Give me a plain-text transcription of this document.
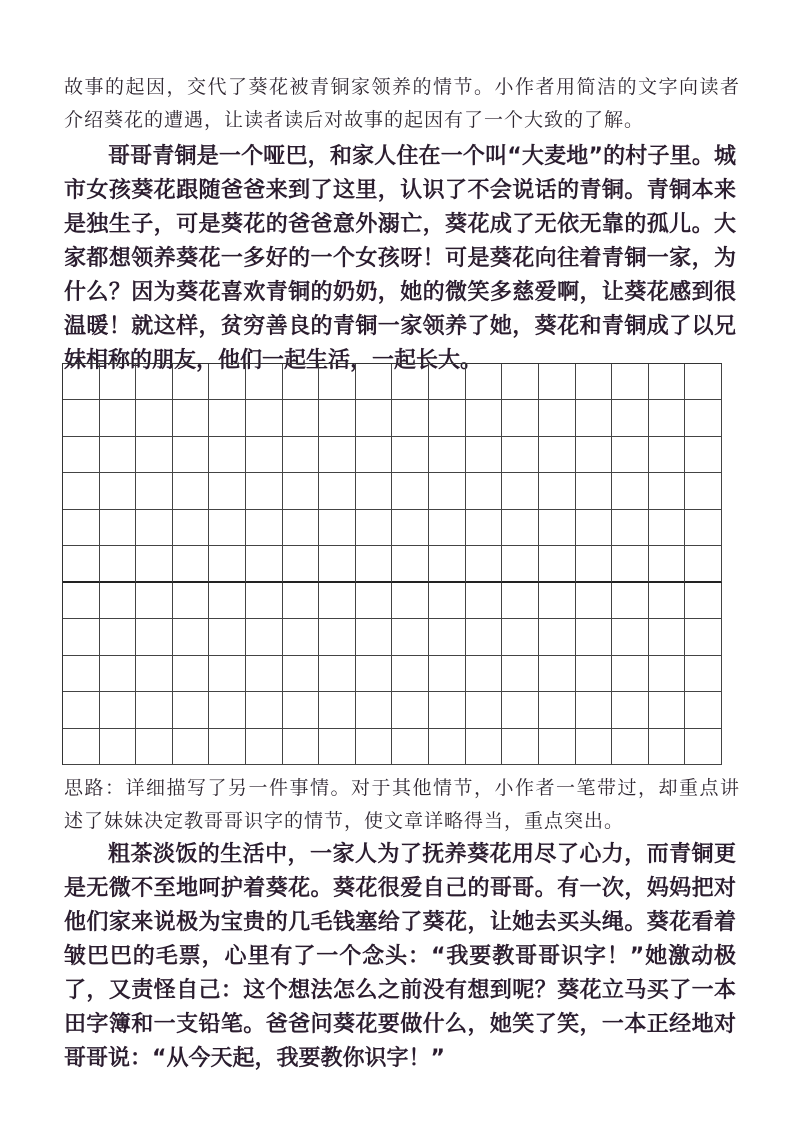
故事的起因，交代了葵花被青铜家领养的情节。小作者用简洁的文字向读者介绍葵花的遭遇，让读者读后对故事的起因有了一个大致的了解。
哥哥青铜是一个哑巴，和家人住在一个叫“大麦地”的村子里。城市女孩葵花跟随爸爸来到了这里，认识了不会说话的青铜。青铜本来是独生子，可是葵花的爸爸意外溺亡，葵花成了无依无靠的孤儿。大家都想领养葵花一多好的一个女孩呀！可是葵花向往着青铜一家，为什么？因为葵花喜欢青铜的奶奶，她的微笑多慈爱啊，让葵花感到很温暖！就这样，贫穷善良的青铜一家领养了她，葵花和青铜成了以兄妹相称的朋友，他们一起生活，一起长大。
思路：详细描写了另一件事情。对于其他情节，小作者一笔带过，却重点讲述了妹妹决定教哥哥识字的情节，使文章详略得当，重点突出。
粗茶淡饭的生活中，一家人为了抚养葵花用尽了心力，而青铜更是无微不至地呵护着葵花。葵花很爱自己的哥哥。有一次，妈妈把对他们家来说极为宝贵的几毛钱塞给了葵花，让她去买头绳。葵花看着皱巴巴的毛票，心里有了一个念头：“我要教哥哥识字！”她激动极了，又责怪自己：这个想法怎么之前没有想到呢？葵花立马买了一本田字簿和一支铅笔。爸爸问葵花要做什么，她笑了笑，一本正经地对哥哥说：“从今天起，我要教你识字！”
